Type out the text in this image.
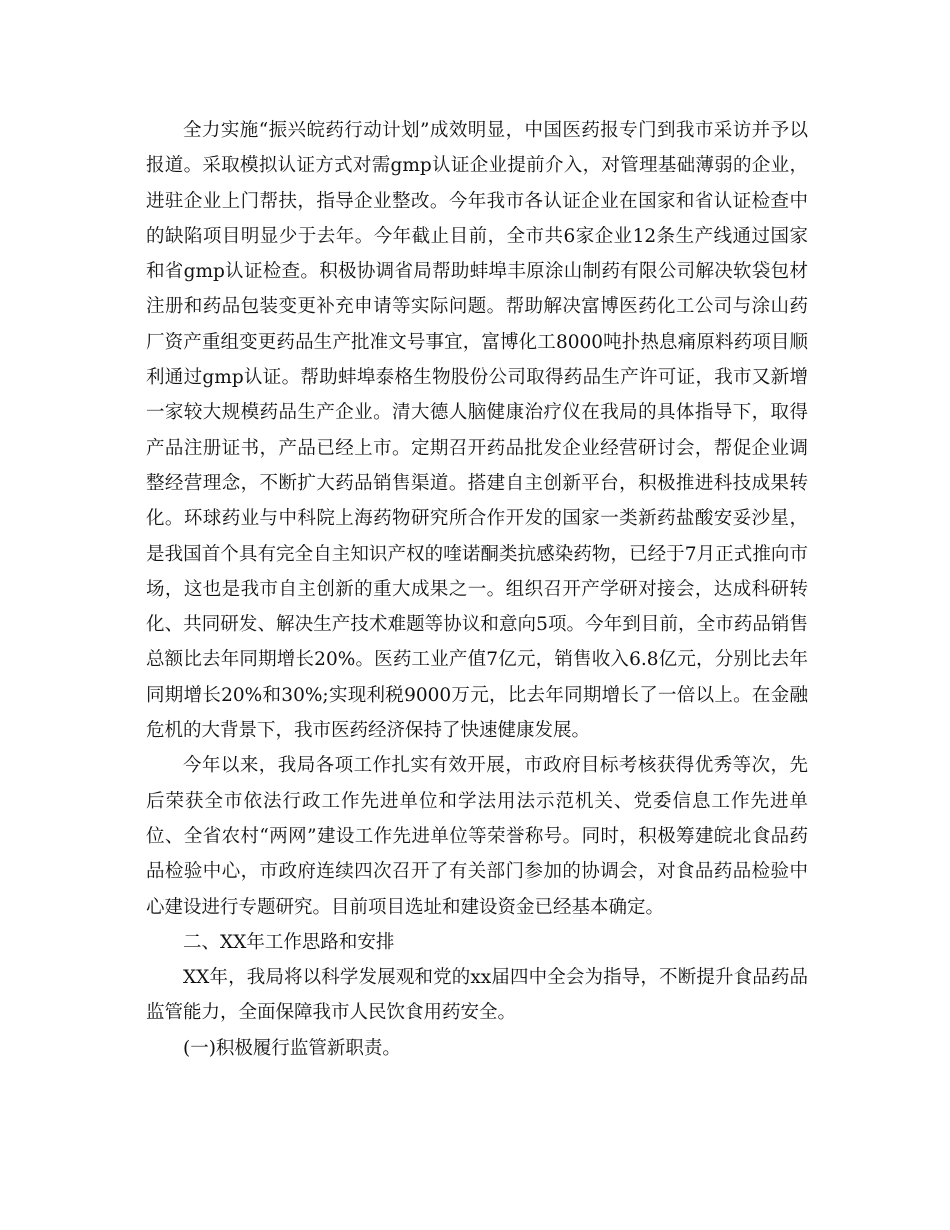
全力实施“振兴皖药行动计划”成效明显，中国医药报专门到我市采访并予以报道。采取模拟认证方式对需gmp认证企业提前介入，对管理基础薄弱的企业，进驻企业上门帮扶，指导企业整改。今年我市各认证企业在国家和省认证检查中的缺陷项目明显少于去年。今年截止目前，全市共6家企业12条生产线通过国家和省gmp认证检查。积极协调省局帮助蚌埠丰原涂山制药有限公司解决软袋包材注册和药品包装变更补充申请等实际问题。帮助解决富博医药化工公司与涂山药厂资产重组变更药品生产批准文号事宜，富博化工8000吨扑热息痛原料药项目顺利通过gmp认证。帮助蚌埠泰格生物股份公司取得药品生产许可证，我市又新增一家较大规模药品生产企业。清大德人脑健康治疗仪在我局的具体指导下，取得产品注册证书，产品已经上市。定期召开药品批发企业经营研讨会，帮促企业调整经营理念，不断扩大药品销售渠道。搭建自主创新平台，积极推进科技成果转化。环球药业与中科院上海药物研究所合作开发的国家一类新药盐酸安妥沙星，是我国首个具有完全自主知识产权的喹诺酮类抗感染药物，已经于7月正式推向市场，这也是我市自主创新的重大成果之一。组织召开产学研对接会，达成科研转化、共同研发、解决生产技术难题等协议和意向5项。今年到目前，全市药品销售总额比去年同期增长20%。医药工业产值7亿元，销售收入6.8亿元，分别比去年同期增长20%和30%;实现利税9000万元，比去年同期增长了一倍以上。在金融危机的大背景下，我市医药经济保持了快速健康发展。

今年以来，我局各项工作扎实有效开展，市政府目标考核获得优秀等次，先后荣获全市依法行政工作先进单位和学法用法示范机关、党委信息工作先进单位、全省农村“两网”建设工作先进单位等荣誉称号。同时，积极筹建皖北食品药品检验中心，市政府连续四次召开了有关部门参加的协调会，对食品药品检验中心建设进行专题研究。目前项目选址和建设资金已经基本确定。

二、XX年工作思路和安排

XX年，我局将以科学发展观和党的xx届四中全会为指导，不断提升食品药品监管能力，全面保障我市人民饮食用药安全。

(一)积极履行监管新职责。
